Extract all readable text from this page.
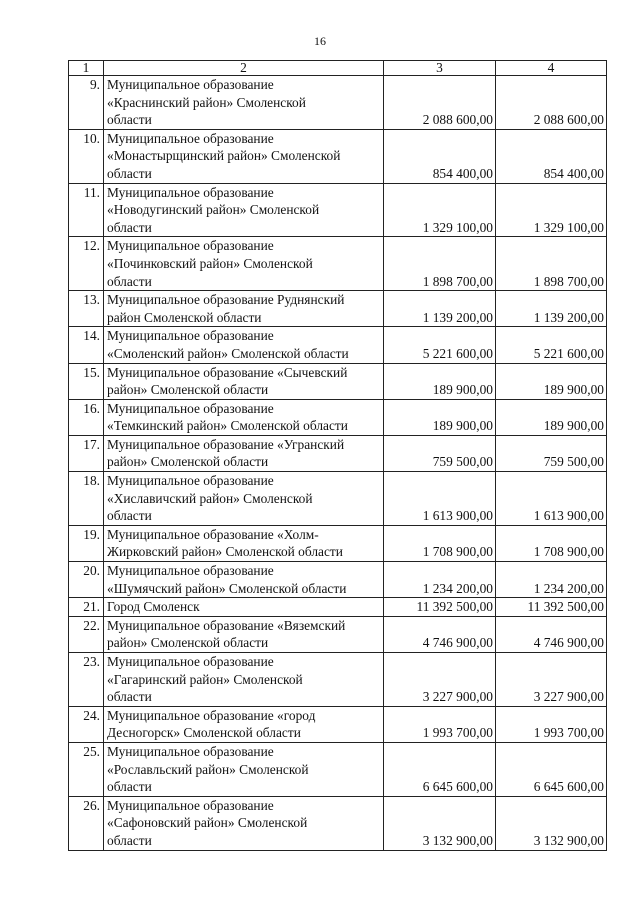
16
1	2	3	4
9.	Муниципальное образование
«Краснинский район» Смоленской
области	2 088 600,00	2 088 600,00
10.	Муниципальное образование
«Монастырщинский район» Смоленской
области	854 400,00	854 400,00
11.	Муниципальное образование
«Новодугинский район» Смоленской
области	1 329 100,00	1 329 100,00
12.	Муниципальное образование
«Починковский район» Смоленской
области	1 898 700,00	1 898 700,00
13.	Муниципальное образование Руднянский
район Смоленской области	1 139 200,00	1 139 200,00
14.	Муниципальное образование
«Смоленский район» Смоленской области	5 221 600,00	5 221 600,00
15.	Муниципальное образование «Сычевский
район» Смоленской области	189 900,00	189 900,00
16.	Муниципальное образование
«Темкинский район» Смоленской области	189 900,00	189 900,00
17.	Муниципальное образование «Угранский
район» Смоленской области	759 500,00	759 500,00
18.	Муниципальное образование
«Хиславичский район» Смоленской
области	1 613 900,00	1 613 900,00
19.	Муниципальное образование «Холм-
Жирковский район» Смоленской области	1 708 900,00	1 708 900,00
20.	Муниципальное образование
«Шумячский район» Смоленской области	1 234 200,00	1 234 200,00
21.	Город Смоленск	11 392 500,00	11 392 500,00
22.	Муниципальное образование «Вяземский
район» Смоленской области	4 746 900,00	4 746 900,00
23.	Муниципальное образование
«Гагаринский район» Смоленской
области	3 227 900,00	3 227 900,00
24.	Муниципальное образование «город
Десногорск» Смоленской области	1 993 700,00	1 993 700,00
25.	Муниципальное образование
«Рославльский район» Смоленской
области	6 645 600,00	6 645 600,00
26.	Муниципальное образование
«Сафоновский район» Смоленской
области	3 132 900,00	3 132 900,00
